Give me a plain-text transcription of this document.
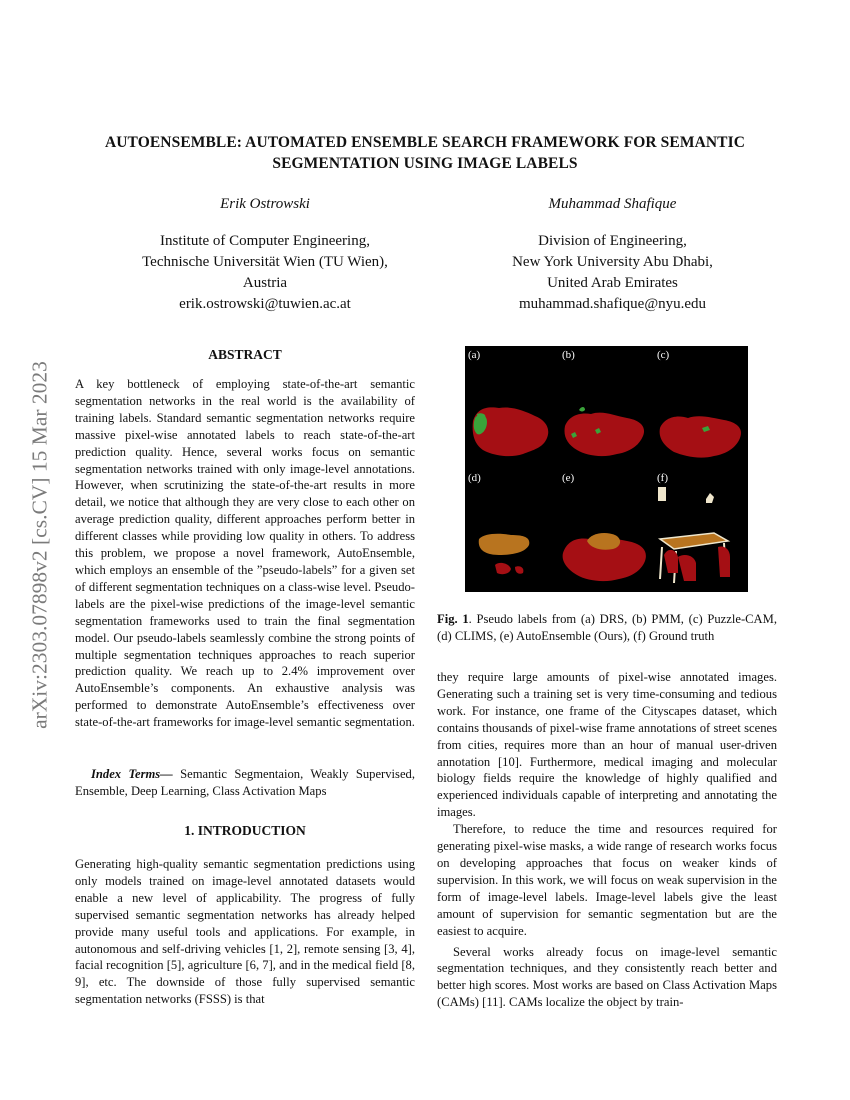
arXiv:2303.07898v2 [cs.CV] 15 Mar 2023
AUTOENSEMBLE: AUTOMATED ENSEMBLE SEARCH FRAMEWORK FOR SEMANTIC SEGMENTATION USING IMAGE LABELS
Erik Ostrowski
Institute of Computer Engineering,
Technische Universität Wien (TU Wien),
Austria
erik.ostrowski@tuwien.ac.at
Muhammad Shafique
Division of Engineering,
New York University Abu Dhabi,
United Arab Emirates
muhammad.shafique@nyu.edu
ABSTRACT

A key bottleneck of employing state-of-the-art semantic segmentation networks in the real world is the availability of training labels. Standard semantic segmentation networks require massive pixel-wise annotated labels to reach state-of-the-art prediction quality. Hence, several works focus on semantic segmentation networks trained with only image-level annotations. However, when scrutinizing the state-of-the-art results in more detail, we notice that although they are very close to each other on average prediction quality, different approaches perform better in different classes while providing low quality in others. To address this problem, we propose a novel framework, AutoEnsemble, which employs an ensemble of the ”pseudo-labels” for a given set of different segmentation techniques on a class-wise level. Pseudo-labels are the pixel-wise predictions of the image-level semantic segmentation frameworks used to train the final segmentation model. Our pseudo-labels seamlessly combine the strong points of multiple segmentation techniques approaches to reach superior prediction quality. We reach up to 2.4% improvement over AutoEnsemble’s components. An exhaustive analysis was performed to demonstrate AutoEnsemble’s effectiveness over state-of-the-art frameworks for image-level semantic segmentation.

Index Terms— Semantic Segmentaion, Weakly Supervised, Ensemble, Deep Learning, Class Activation Maps

1. INTRODUCTION

Generating high-quality semantic segmentation predictions using only models trained on image-level annotated datasets would enable a new level of applicability. The progress of fully supervised semantic segmentation networks has already helped provide many useful tools and applications. For example, in autonomous and self-driving vehicles [1, 2], remote sensing [3, 4], facial recognition [5], agriculture [6, 7], and in the medical field [8, 9], etc. The downside of those fully supervised semantic segmentation networks (FSSS) is that

(a)	(b)	(c)
(d)	(e)	(f)
Fig. 1. Pseudo labels from (a) DRS, (b) PMM, (c) Puzzle-CAM, (d) CLIMS, (e) AutoEnsemble (Ours), (f) Ground truth

they require large amounts of pixel-wise annotated images. Generating such a training set is very time-consuming and tedious work. For instance, one frame of the Cityscapes dataset, which contains thousands of pixel-wise frame annotations of street scenes from cities, requires more than an hour of manual user-driven annotation [10]. Furthermore, medical imaging and molecular biology fields require the knowledge of highly qualified and experienced individuals capable of interpreting and annotating the images.

Therefore, to reduce the time and resources required for generating pixel-wise masks, a wide range of research works focus on developing approaches that focus on weaker kinds of supervision. In this work, we will focus on weak supervision in the form of image-level labels. Image-level labels give the least amount of supervision for semantic segmentation but are the easiest to acquire.

Several works already focus on image-level semantic segmentation techniques, and they consistently reach better and better high scores. Most works are based on Class Activation Maps (CAMs) [11]. CAMs localize the object by train-
